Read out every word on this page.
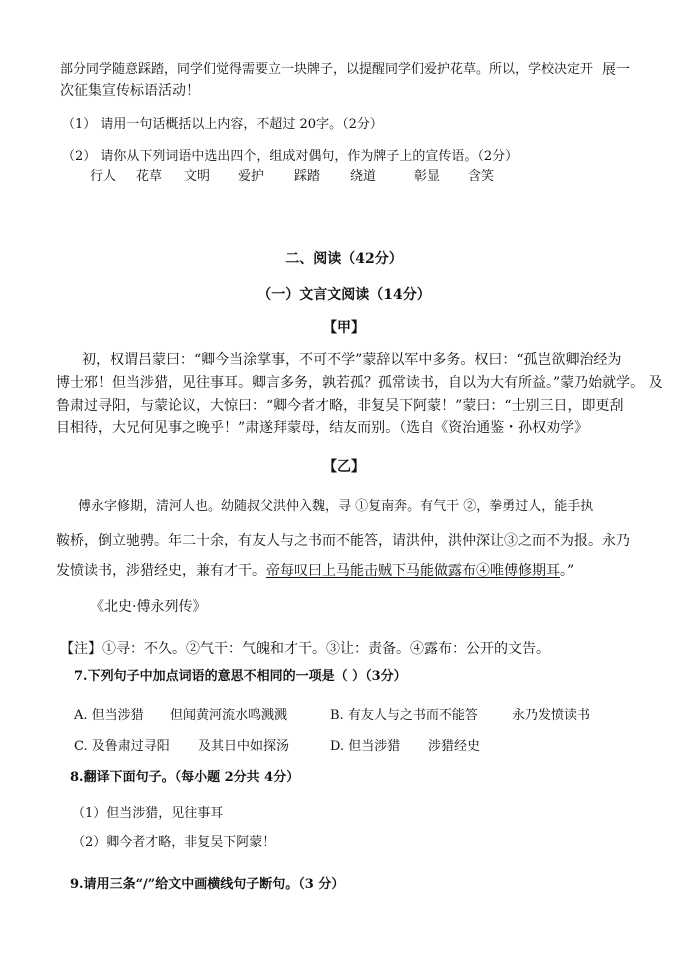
部分同学随意踩踏，同学们觉得需要立一块牌子，以提醒同学们爱护花草。所以，学校决定开 展一
次征集宣传标语活动！
（1） 请用一句话概括以上内容，不超过 20字。（2分）
（2） 请你从下列词语中选出四个，组成对偶句，作为牌子上的宣传语。（2分）
行人 花草 文明 爱护 踩踏 绕道	彰显 含笑
二、阅读（42分）
（一）文言文阅读（14分）
【甲】
初，权谓吕蒙曰：“卿今当涂掌事，不可不学”蒙辞以军中多务。权曰：“孤岂欲卿治经为
博士邪！但当涉猎，见往事耳。卿言多务，孰若孤？孤常读书，自以为大有所益。”蒙乃始就学。 及
鲁肃过寻阳，与蒙论议，大惊曰：“卿今者才略，非复吴下阿蒙！”蒙曰：“士别三日，即更刮
目相待，大兄何见事之晚乎！”肃遂拜蒙母，结友而别。（选自《资治通鉴・孙权劝学》
【乙】
傅永字修期，清河人也。幼随叔父洪仲入魏，寻 ①复南奔。有气干 ②，拳勇过人，能手执
鞍桥，倒立驰骋。年二十余，有友人与之书而不能答，请洪仲，洪仲深让③之而不为报。永乃
发愤读书，涉猎经史，兼有才干。帝每叹曰上马能击贼下马能做露布④唯傅修期耳。”
《北史·傅永列传》
【注】①寻：不久。②气干：气魄和才干。③让：责备。④露布：公开的文告。
7.下列句子中加点词语的意思不相同的一项是（ ）（3分）
A. 但当涉猎 但闻黄河流水鸣溅溅	B. 有友人与之书而不能答	永乃发愤读书
C. 及鲁肃过寻阳 及其日中如探汤	D. 但当涉猎 涉猎经史
8.翻译下面句子。（每小题 2分共 4分）
（1）但当涉猎，见往事耳
（2）卿今者才略，非复吴下阿蒙！
9.请用三条“/”给文中画横线句子断句。（3 分）
